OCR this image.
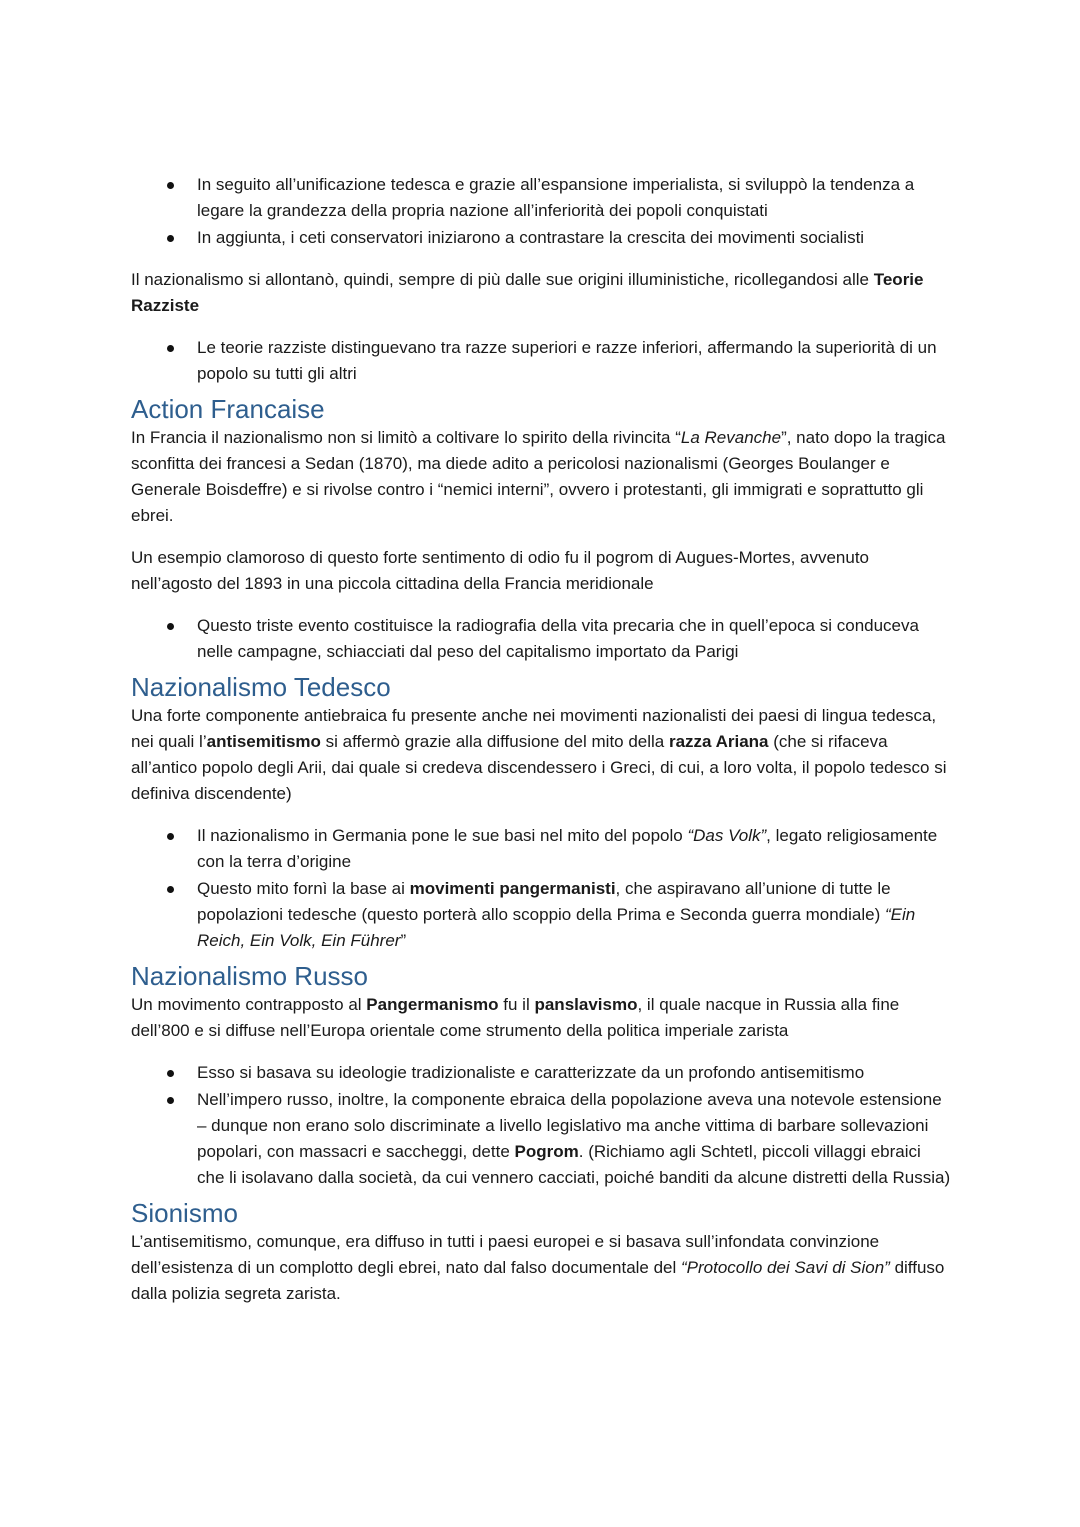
In seguito all’unificazione tedesca e grazie all’espansione imperialista, si sviluppò la tendenza a legare la grandezza della propria nazione all’inferiorità dei popoli conquistati
In aggiunta, i ceti conservatori iniziarono a contrastare la crescita dei movimenti socialisti

Il nazionalismo si allontanò, quindi, sempre di più dalle sue origini illuministiche, ricollegandosi alle Teorie Razziste

Le teorie razziste distinguevano tra razze superiori e razze inferiori, affermando la superiorità di un popolo su tutti gli altri
Action Francaise

In Francia il nazionalismo non si limitò a coltivare lo spirito della rivincita “La Revanche”, nato dopo la tragica sconfitta dei francesi a Sedan (1870), ma diede adito a pericolosi nazionalismi (Georges Boulanger e Generale Boisdeffre) e si rivolse contro i “nemici interni”, ovvero i protestanti, gli immigrati e soprattutto gli ebrei.

Un esempio clamoroso di questo forte sentimento di odio fu il pogrom di Augues-Mortes, avvenuto nell’agosto del 1893 in una piccola cittadina della Francia meridionale

Questo triste evento costituisce la radiografia della vita precaria che in quell’epoca si conduceva nelle campagne, schiacciati dal peso del capitalismo importato da Parigi
Nazionalismo Tedesco

Una forte componente antiebraica fu presente anche nei movimenti nazionalisti dei paesi di lingua tedesca, nei quali l’antisemitismo si affermò grazie alla diffusione del mito della razza Ariana (che si rifaceva all’antico popolo degli Arii, dai quale si credeva discendessero i Greci, di cui, a loro volta, il popolo tedesco si definiva discendente)

Il nazionalismo in Germania pone le sue basi nel mito del popolo “Das Volk”, legato religiosamente con la terra d’origine
Questo mito fornì la base ai movimenti pangermanisti, che aspiravano all’unione di tutte le popolazioni tedesche (questo porterà allo scoppio della Prima e Seconda guerra mondiale) “Ein Reich, Ein Volk, Ein Führer”
Nazionalismo Russo

Un movimento contrapposto al Pangermanismo fu il panslavismo, il quale nacque in Russia alla fine dell’800 e si diffuse nell’Europa orientale come strumento della politica imperiale zarista

Esso si basava su ideologie tradizionaliste e caratterizzate da un profondo antisemitismo
Nell’impero russo, inoltre, la componente ebraica della popolazione aveva una notevole estensione – dunque non erano solo discriminate a livello legislativo ma anche vittima di barbare sollevazioni popolari, con massacri e saccheggi, dette Pogrom. (Richiamo agli Schtetl, piccoli villaggi ebraici che li isolavano dalla società, da cui vennero cacciati, poiché banditi da alcune distretti della Russia)
Sionismo

L’antisemitismo, comunque, era diffuso in tutti i paesi europei e si basava sull’infondata convinzione dell’esistenza di un complotto degli ebrei, nato dal falso documentale del “Protocollo dei Savi di Sion” diffuso dalla polizia segreta zarista.
